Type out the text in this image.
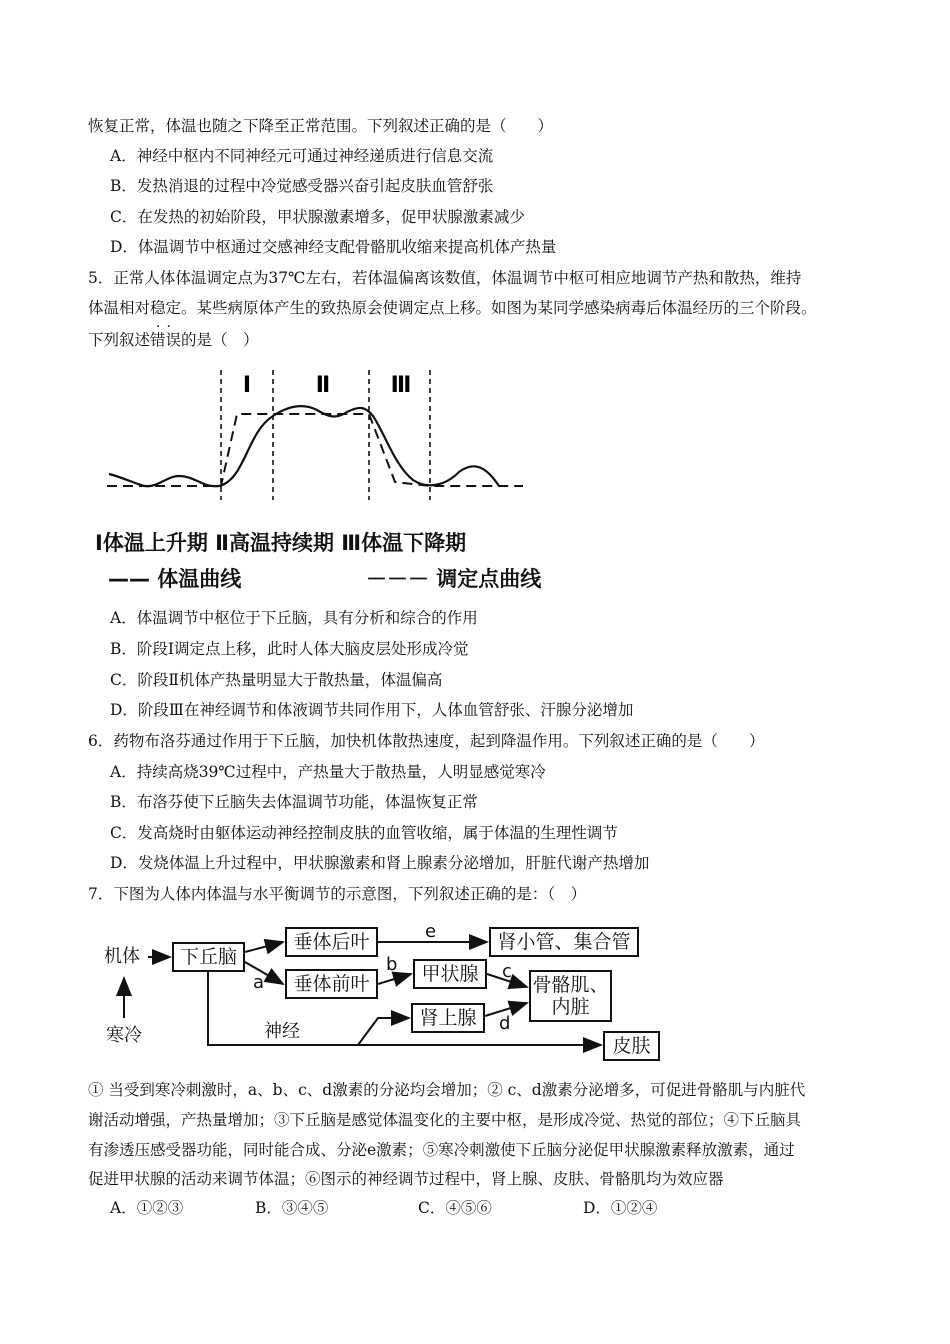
恢复正常，体温也随之下降至正常范围。下列叙述正确的是（　　）
A．神经中枢内不同神经元可通过神经递质进行信息交流
B．发热消退的过程中冷觉感受器兴奋引起皮肤血管舒张
C．在发热的初始阶段，甲状腺激素增多，促甲状腺激素减少
D．体温调节中枢通过交感神经支配骨骼肌收缩来提高机体产热量
5．正常人体体温调定点为37℃左右，若体温偏离该数值，体温调节中枢可相应地调节产热和散热，维持
体温相对稳定。某些病原体产生的致热原会使调定点上移。如图为某同学感染病毒后体温经历的三个阶段。
··
下列叙述错误的是（　）
Ⅰ	Ⅱ	Ⅲ
Ⅰ体温上升期 Ⅱ高温持续期 Ⅲ体温下降期
—— 体温曲线	－－－ 调定点曲线
A．体温调节中枢位于下丘脑，具有分析和综合的作用
B．阶段Ⅰ调定点上移，此时人体大脑皮层处形成冷觉
C．阶段Ⅱ机体产热量明显大于散热量，体温偏高
D．阶段Ⅲ在神经调节和体液调节共同作用下，人体血管舒张、汗腺分泌增加
6．药物布洛芬通过作用于下丘脑，加快机体散热速度，起到降温作用。下列叙述正确的是（　　）
A．持续高烧39℃过程中，产热量大于散热量，人明显感觉寒冷
B．布洛芬使下丘脑失去体温调节功能，体温恢复正常
C．发高烧时由躯体运动神经控制皮肤的血管收缩，属于体温的生理性调节
D．发烧体温上升过程中，甲状腺激素和肾上腺素分泌增加，肝脏代谢产热增加
7．下图为人体内体温与水平衡调节的示意图，下列叙述正确的是：（　）
机体
寒冷
下丘脑
垂体后叶
垂体前叶	甲状腺
肾上腺
肾小管、集合管
骨骼肌、
内脏
皮肤
神经
a
b	c
d
e
① 当受到寒冷刺激时，a、b、c、d激素的分泌均会增加；② c、d激素分泌增多，可促进骨骼肌与内脏代
谢活动增强，产热量增加；③下丘脑是感觉体温变化的主要中枢，是形成冷觉、热觉的部位；④下丘脑具
有渗透压感受器功能，同时能合成、分泌e激素；⑤寒冷刺激使下丘脑分泌促甲状腺激素释放激素，通过
促进甲状腺的活动来调节体温；⑥图示的神经调节过程中，肾上腺、皮肤、骨骼肌均为效应器
A．①②③	B．③④⑤	C．④⑤⑥	D．①②④
